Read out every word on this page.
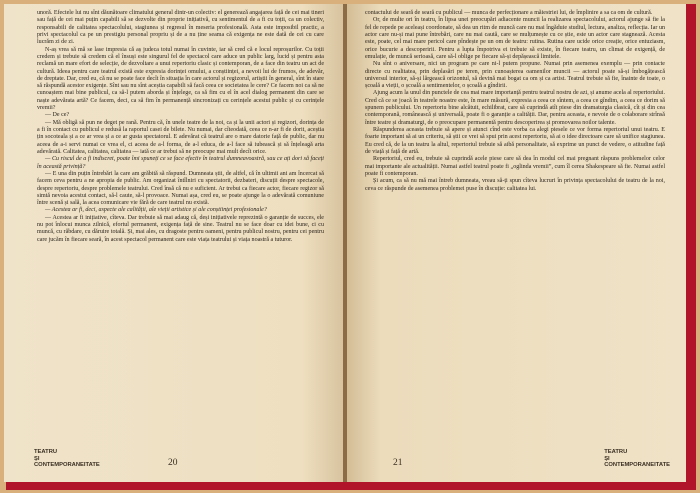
unoră. Efectele lui nu sînt dăunătoare climatului general dintr-un colectiv: el generează angajarea față de cei mai tineri sau față de cei mai puțin capabili să se dezvolte din proprie inițiativă, cu sentimentul de a fi cu toții, ca un colectiv, responsabili de calitatea spectacolului, stagiunea și regresul în meseria profesională. Asta este imposibil practic, a privi spectacolul ca pe un prestigiu personal propriu și de a nu ține seama că exigența ne este dată de cei cu care lucrăm zi de zi.

N-aș vrea să mă se lase impresia că aș judeca totul numai în cuvinte, iar să cred că e locul reproșurilor. Cu toții credem și trebuie să credem că el însuși este singurul fel de spectacol care aduce un public larg, lucid și pentru asta reclamă un mare efort de selecție, de dezvoltare a unui repertoriu clasic și contemporan, de a face din teatru un act de cultură. Ideea pentru care teatrul există este expresia dorinței omului, a conștiinței, a nevoii lui de frumos, de adevăr, de dreptate. Dar, cred eu, că nu se poate face decît în situația în care actorul și regizorul, artiștii în general, sînt în stare să răspundă acestor exigențe. Sînt sau nu sînt aceștia capabili să facă ceea ce societatea le cere? Ce facem noi ca să ne cunoaștem mai bine publicul, ca să-l putem aborda și înțelege, ca să fim cu el în acel dialog permanent din care se naște adevărata artă? Ce facem, deci, ca să fim în permanență sincronizați cu cerințele acestui public și cu cerințele vremii?

— De ce?

— Mă obligă să pun ne deget pe rană. Pentru că, în unele teatre de la noi, ca și la unii actori și regizori, dorința de a fi în contact cu publicul e redusă la raportul casei de bilete. Nu numai, dar cîteodată, ceea ce n-ar fi de dorit, aceștia țin socoteala și a ce ar vrea și a ce ar gusta spectatorul. E adevărat că teatrul are o mare datorie față de public, dar nu aceea de a-i servi numai ce vrea el, ci aceea de a-l forma, de a-l educa, de a-l face să iubească și să înțeleagă arta adevărată. Calitatea, calitatea, calitatea — iată ce ar trebui să ne preocupe mai mult decît orice.

— Cu riscul de a fi indiscret, poate îmi spuneți ce se face efectiv în teatrul dumneavoastră, sau ce ați dori să faceți în această privință?

— E una din puțin întrebări la care am grăbită să răspund. Dumneata știi, de altfel, că în ultimii ani am încercat să facem ceva pentru a ne apropia de public. Am organizat întîlniri cu spectatorii, dezbateri, discuții despre spectacole, despre repertoriu, despre problemele teatrului. Cred însă că nu e suficient. Ar trebui ca fiecare actor, fiecare regizor să simtă nevoia acestui contact, să-l caute, să-l provoace. Numai așa, cred eu, se poate ajunge la o adevărată comuniune între scenă și sală, la acea comunicare vie fără de care teatrul nu există.

— Acestea ar fi, deci, aspecte ale calității, ale vieții artistice și ale conștiinței profesionale?

— Acestea ar fi inițiative, cîteva. Dar trebuie să mai adaug că, deși inițiativele reprezintă o garanție de succes, ele nu pot înlocui munca zilnică, efortul permanent, exigența față de sine. Teatrul nu se face doar cu idei bune, ci cu muncă, cu răbdare, cu dăruire totală. Și, mai ales, cu dragoste pentru oameni, pentru publicul nostru, pentru cei pentru care jucăm în fiecare seară, în acest spectacol permanent care este viața teatrului și viața noastră a tuturor.

TEATRU
ȘI
CONTEMPORANEITATE	20

contactului de seară de seară cu publicul — munca de perfecționare a măiestriei lui, de împlinire a sa ca om de cultură.

Or, de multe ori în teatru, în lipsa unei preocupări adiacente muncii la realizarea spectacolului, actorul ajunge să fie la fel de repede pe aceleași coordonate, să dea un ritm de muncă care nu mai îngăduie studiul, lectura, analiza, reflecția. Iar un actor care nu-și mai pune întrebări, care nu mai caută, care se mulțumește cu ce știe, este un actor care stagnează. Acesta este, poate, cel mai mare pericol care pîndește pe un om de teatru: rutina. Rutina care ucide orice creație, orice entuziasm, orice bucurie a descoperirii. Pentru a lupta împotriva ei trebuie să existe, în fiecare teatru, un climat de exigență, de emulație, de muncă serioasă, care să-l oblige pe fiecare să-și depășească limitele.

Nu sînt o aniversare, nici un program pe care ni-l putem propune. Numai prin asemenea exemplu — prin contacte directe cu realitatea, prin deplasări pe teren, prin cunoașterea oamenilor muncii — actorul poate să-și îmbogățească universul interior, să-și lărgească orizontul, să devină mai bogat ca om și ca artist. Teatrul trebuie să fie, înainte de toate, o școală a vieții, o școală a sentimentelor, o școală a gîndirii.

Ajung acum la unul din punctele de cea mai mare importanță pentru teatrul nostru de azi, și anume acela al repertoriului. Cred că ce se joacă în teatrele noastre este, în mare măsură, expresia a ceea ce sîntem, a ceea ce gîndim, a ceea ce dorim să spunem publicului. Un repertoriu bine alcătuit, echilibrat, care să cuprindă atît piese din dramaturgia clasică, cît și din cea contemporană, românească și universală, poate fi o garanție a calității. Dar, pentru aceasta, e nevoie de o colaborare strînsă între teatre și dramaturgi, de o preocupare permanentă pentru descoperirea și promovarea noilor talente.

Răspunderea aceasta trebuie să apere și atunci cînd este vorba ca alegi piesele ce vor forma repertoriul unui teatru. E foarte important să ai un criteriu, să știi ce vrei să spui prin acest repertoriu, să ai o idee directoare care să unifice stagiunea. Eu cred că, de la un teatru la altul, repertoriul trebuie să aibă personalitate, să exprime un punct de vedere, o atitudine față de viață și față de artă.

Repertoriul, cred eu, trebuie să cuprindă acele piese care să dea în modul cel mai pregnant răspuns problemelor celor mai importante ale actualității. Numai astfel teatrul poate fi „oglinda vremii”, cum îl cerea Shakespeare să fie. Numai astfel poate fi contemporan.

Și acum, ca să nu mă mai întreb dumneata, vreau să-ți spun cîteva lucruri în privința spectacolului de teatru de la noi, ceva ce răspunde de asemenea problemei puse în discuție: calitatea lui.

21
TEATRU
ȘI
CONTEMPORANEITATE
